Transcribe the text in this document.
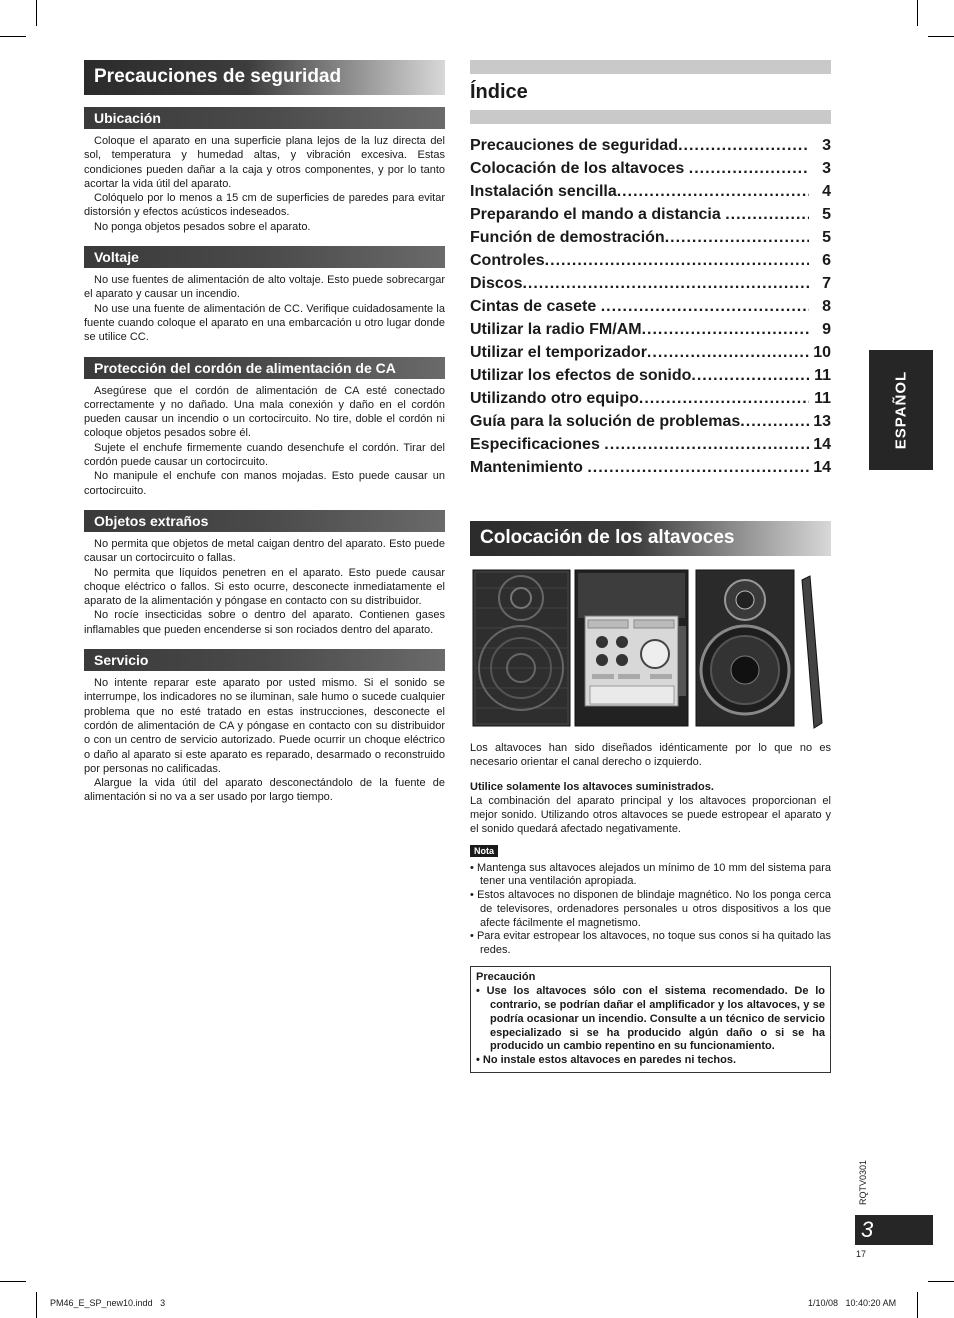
Precauciones de seguridad
Ubicación

Coloque el aparato en una superficie plana lejos de la luz directa del sol, temperatura y humedad altas, y vibración excesiva. Estas condiciones pueden dañar a la caja y otros componentes, y por lo tanto acortar la vida útil del aparato.

Colóquelo por lo menos a 15 cm de superficies de paredes para evitar distorsión y efectos acústicos indeseados.

No ponga objetos pesados sobre el aparato.

Voltaje

No use fuentes de alimentación de alto voltaje. Esto puede sobrecargar el aparato y causar un incendio.

No use una fuente de alimentación de CC. Verifique cuidadosamente la fuente cuando coloque el aparato en una embarcación u otro lugar donde se utilice CC.

Protección del cordón de alimentación de CA

Asegúrese que el cordón de alimentación de CA esté conectado correctamente y no dañado. Una mala conexión y daño en el cordón pueden causar un incendio o un cortocircuito. No tire, doble el cordón ni coloque objetos pesados sobre él.

Sujete el enchufe firmemente cuando desenchufe el cordón. Tirar del cordón puede causar un cortocircuito.

No manipule el enchufe con manos mojadas. Esto puede causar un cortocircuito.

Objetos extraños

No permita que objetos de metal caigan dentro del aparato. Esto puede causar un cortocircuito o fallas.

No permita que líquidos penetren en el aparato. Esto puede causar choque eléctrico o fallos. Si esto ocurre, desconecte inmediatamente el aparato de la alimentación y póngase en contacto con su distribuidor.

No rocíe insecticidas sobre o dentro del aparato. Contienen gases inflamables que pueden encenderse si son rociados dentro del aparato.

Servicio

No intente reparar este aparato por usted mismo. Si el sonido se interrumpe, los indicadores no se iluminan, sale humo o sucede cualquier problema que no esté tratado en estas instrucciones, desconecte el cordón de alimentación de CA y póngase en contacto con su distribuidor o con un centro de servicio autorizado. Puede ocurrir un choque eléctrico o daño al aparato si este aparato es reparado, desarmado o reconstruido por personas no calificadas.

Alargue la vida útil del aparato desconectándolo de la fuente de alimentación si no va a ser usado por largo tiempo.

Índice
Precauciones de seguridad .....	3
Colocación de los altavoces .....	3
Instalación sencilla .....	4
Preparando el mando a distancia .....	5
Función de demostración .....	5
Controles .....	6
Discos .....	7
Cintas de casete .....	8
Utilizar la radio FM/AM .....	9
Utilizar el temporizador .....	10
Utilizar los efectos de sonido .....	11
Utilizando otro equipo .....	11
Guía para la solución de problemas .....	13
Especificaciones .....	14
Mantenimiento .....	14
Colocación de los altavoces

Los altavoces han sido diseñados idénticamente por lo que no es necesario orientar el canal derecho o izquierdo.

Utilice solamente los altavoces suministrados.

La combinación del aparato principal y los altavoces proporcionan el mejor sonido. Utilizando otros altavoces se puede estropear el aparato y el sonido quedará afectado negativamente.

Nota
• Mantenga sus altavoces alejados un mínimo de 10 mm del sistema para tener una ventilación apropiada.
• Estos altavoces no disponen de blindaje magnético. No los ponga cerca de televisores, ordenadores personales u otros dispositivos a los que afecte fácilmente el magnetismo.
• Para evitar estropear los altavoces, no toque sus conos si ha quitado las redes.
Precaución
• Use los altavoces sólo con el sistema recomendado. De lo contrario, se podrían dañar el amplificador y los altavoces, y se podría ocasionar un incendio. Consulte a un técnico de servicio especializado si se ha producido algún daño o si se ha producido un cambio repentino en su funcionamiento.
• No instale estos altavoces en paredes ni techos.
ESPAÑOL
RQTV0301
3
17
PM46_E_SP_new10.indd   3	1/10/08   10:40:20 AM
